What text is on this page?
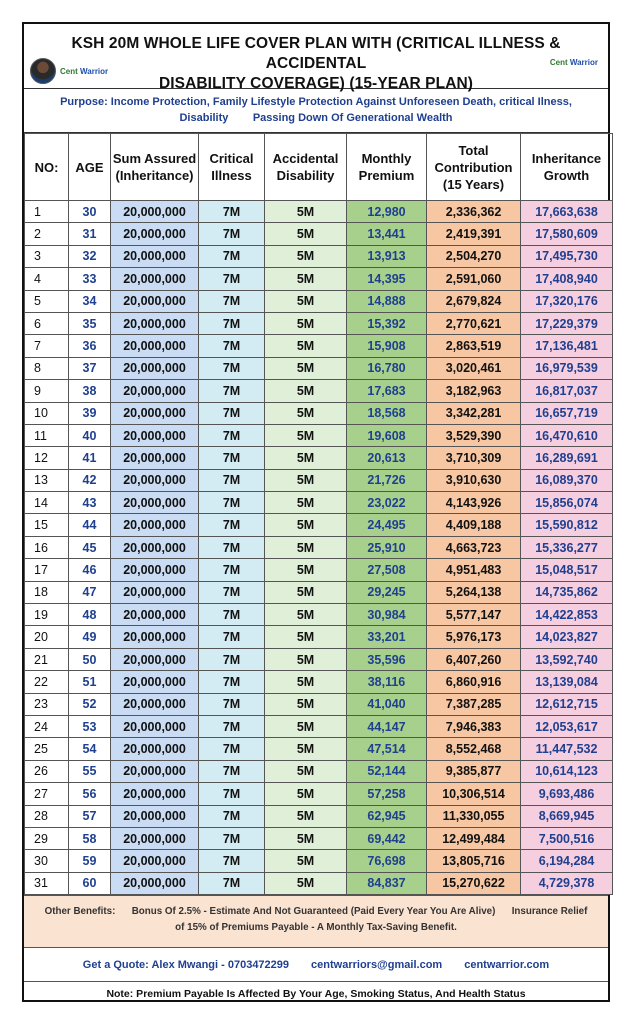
KSH 20M WHOLE LIFE COVER PLAN WITH (CRITICAL ILLNESS & ACCIDENTAL
DISABILITY COVERAGE) (15-YEAR PLAN)
Cent Warrior
Cent Warrior
Purpose: Income Protection, Family Lifestyle Protection Against Unforeseen Death, critical Ilness,
Disability        Passing Down Of Generational Wealth
NO:	AGE	Sum Assured (Inheritance)	Critical Illness	Accidental Disability	Monthly Premium	Total Contribution (15 Years)	Inheritance Growth
1	30	20,000,000	7M	5M	12,980	2,336,362	17,663,638
2	31	20,000,000	7M	5M	13,441	2,419,391	17,580,609
3	32	20,000,000	7M	5M	13,913	2,504,270	17,495,730
4	33	20,000,000	7M	5M	14,395	2,591,060	17,408,940
5	34	20,000,000	7M	5M	14,888	2,679,824	17,320,176
6	35	20,000,000	7M	5M	15,392	2,770,621	17,229,379
7	36	20,000,000	7M	5M	15,908	2,863,519	17,136,481
8	37	20,000,000	7M	5M	16,780	3,020,461	16,979,539
9	38	20,000,000	7M	5M	17,683	3,182,963	16,817,037
10	39	20,000,000	7M	5M	18,568	3,342,281	16,657,719
11	40	20,000,000	7M	5M	19,608	3,529,390	16,470,610
12	41	20,000,000	7M	5M	20,613	3,710,309	16,289,691
13	42	20,000,000	7M	5M	21,726	3,910,630	16,089,370
14	43	20,000,000	7M	5M	23,022	4,143,926	15,856,074
15	44	20,000,000	7M	5M	24,495	4,409,188	15,590,812
16	45	20,000,000	7M	5M	25,910	4,663,723	15,336,277
17	46	20,000,000	7M	5M	27,508	4,951,483	15,048,517
18	47	20,000,000	7M	5M	29,245	5,264,138	14,735,862
19	48	20,000,000	7M	5M	30,984	5,577,147	14,422,853
20	49	20,000,000	7M	5M	33,201	5,976,173	14,023,827
21	50	20,000,000	7M	5M	35,596	6,407,260	13,592,740
22	51	20,000,000	7M	5M	38,116	6,860,916	13,139,084
23	52	20,000,000	7M	5M	41,040	7,387,285	12,612,715
24	53	20,000,000	7M	5M	44,147	7,946,383	12,053,617
25	54	20,000,000	7M	5M	47,514	8,552,468	11,447,532
26	55	20,000,000	7M	5M	52,144	9,385,877	10,614,123
27	56	20,000,000	7M	5M	57,258	10,306,514	9,693,486
28	57	20,000,000	7M	5M	62,945	11,330,055	8,669,945
29	58	20,000,000	7M	5M	69,442	12,499,484	7,500,516
30	59	20,000,000	7M	5M	76,698	13,805,716	6,194,284
31	60	20,000,000	7M	5M	84,837	15,270,622	4,729,378
Other Benefits:      Bonus Of 2.5% - Estimate And Not Guaranteed (Paid Every Year You Are Alive)      Insurance Relief
of 15% of Premiums Payable - A Monthly Tax-Saving Benefit.
Get a Quote: Alex Mwangi - 0703472299 centwarriors@gmail.com centwarrior.com
Note: Premium Payable Is Affected By Your Age, Smoking Status, And Health Status
